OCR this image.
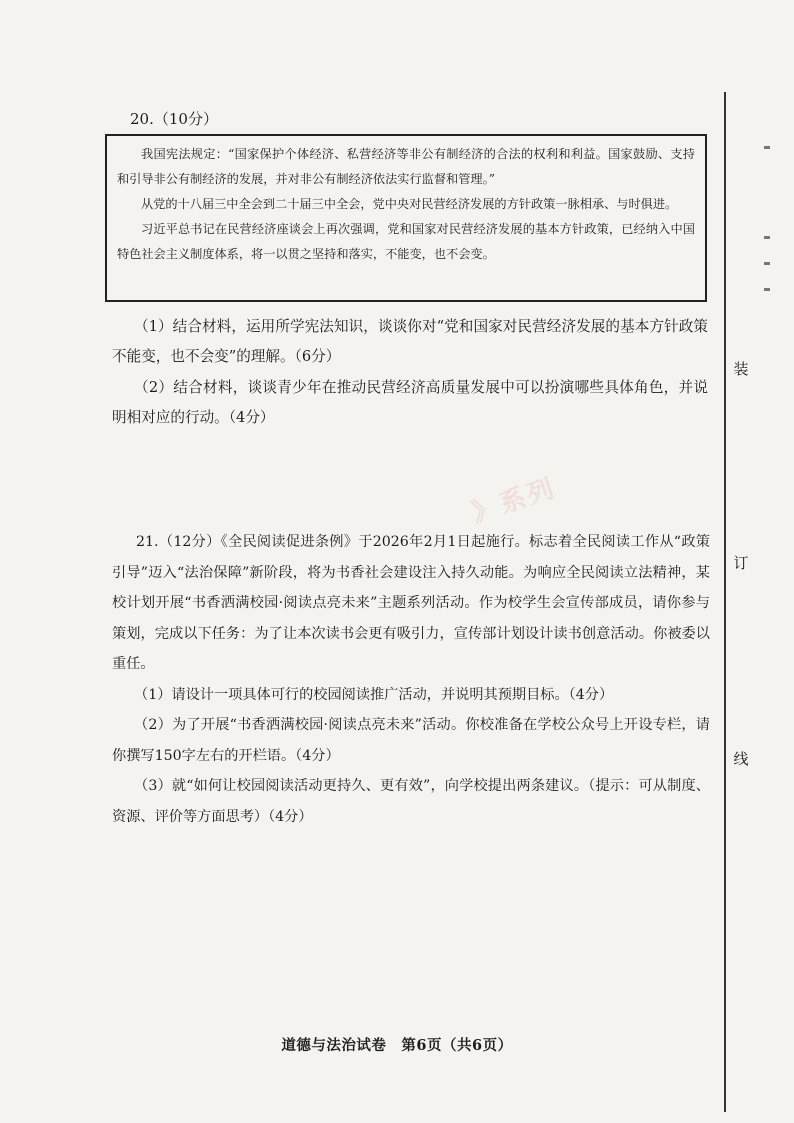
20.（10分）

我国宪法规定：“国家保护个体经济、私营经济等非公有制经济的合法的权利和利益。国家鼓励、支持和引导非公有制经济的发展，并对非公有制经济依法实行监督和管理。”

从党的十八届三中全会到二十届三中全会，党中央对民营经济发展的方针政策一脉相承、与时俱进。

习近平总书记在民营经济座谈会上再次强调，党和国家对民营经济发展的基本方针政策，已经纳入中国特色社会主义制度体系，将一以贯之坚持和落实，不能变，也不会变。

（1）结合材料，运用所学宪法知识，谈谈你对“党和国家对民营经济发展的基本方针政策不能变，也不会变”的理解。（6分）

（2）结合材料，谈谈青少年在推动民营经济高质量发展中可以扮演哪些具体角色，并说明相对应的行动。（4分）

》系列

21.（12分）《全民阅读促进条例》于2026年2月1日起施行。标志着全民阅读工作从“政策引导”迈入“法治保障”新阶段，将为书香社会建设注入持久动能。为响应全民阅读立法精神，某校计划开展“书香洒满校园·阅读点亮未来”主题系列活动。作为校学生会宣传部成员，请你参与策划，完成以下任务：为了让本次读书会更有吸引力，宣传部计划设计读书创意活动。你被委以重任。

（1）请设计一项具体可行的校园阅读推广活动，并说明其预期目标。（4分）

（2）为了开展“书香洒满校园·阅读点亮未来”活动。你校准备在学校公众号上开设专栏，请你撰写150字左右的开栏语。（4分）

（3）就“如何让校园阅读活动更持久、更有效”，向学校提出两条建议。（提示：可从制度、资源、评价等方面思考）（4分）

装
订
线
道德与法治试卷　第6页（共6页）
